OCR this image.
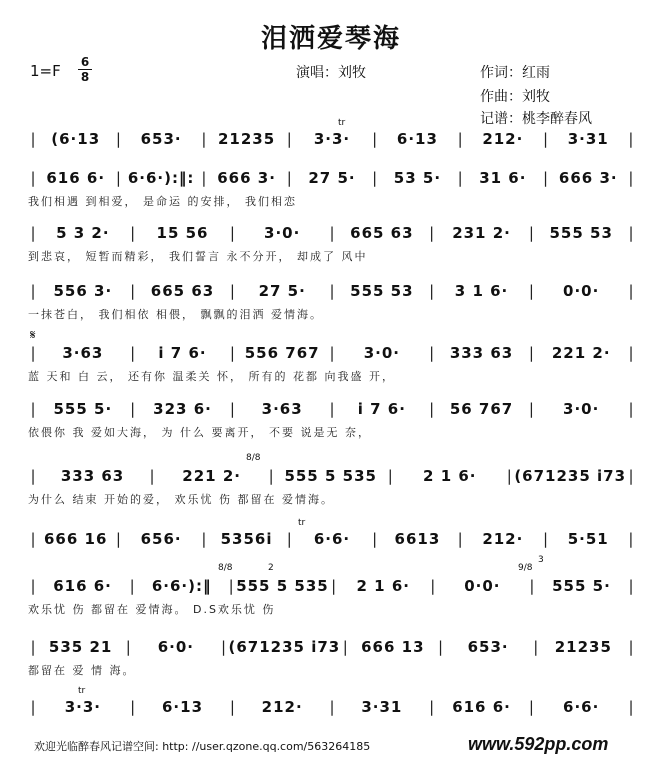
泪洒爱琴海
1=F 6
8	演唱：刘牧	作词：红雨
作曲：刘牧
记谱：桃李醉春风
|	(6·13	|	653·	| 21235 |	3·3·	|	6·13	|	212·	|	3·31	|
tr
| 616 6· | 6·6·):‖: | 666 3· |	27 5·	|	53 5·	|	31 6·	| 666 3· |
我们相遇 到相爱， 是命运 的安排， 我们相恋
|	5 3 2·	|	15 56	|	3·0·	|	665 63	|	231 2·	|	555 53	|
到悲哀， 短暂而精彩， 我们誓言 永不分开， 却成了 风中
|	556 3·	|	665 63	|	27 5·	|	555 53	|	3 1 6·	|	0·0·	|
一抹苍白， 我们相依 相偎， 飘飘的泪洒 爱情海。
|	3·63	|	i 7 6·	| 556 767 |	3·0·	|	333 63	|	221 2·	|
蓝 天和 白 云， 还有你 温柔关 怀， 所有的 花都 向我盛 开，
𝄋
|	555 5·	|	323 6·	|	3·63	|	i 7 6·	|	56 767	|	3·0·	|
依偎你 我 爱如大海， 为 什么 要离开， 不要 说是无 奈，
|	333 63	|	221 2·	| 555 5 535 |	2 1 6·	| (671235 i73 |
为什么 结束 开始的爱， 欢乐忧 伤 都留在 爱情海。
8/8
| 666 16 |	656·	| 5356i |	6·6·	|	6613	|	212·	|	5·51	|
tr
|	616 6·	|	6·6·):‖	| 555 5 535 |	2 1 6·	|	0·0·	|	555 5·	|
欢乐忧 伤 都留在 爱情海。 D.S欢乐忧 伤
8/8	2	9/8
3
| 535 21 |	6·0·	| (671235 i73 | 666 13 |	653·	|	21235	|
都留在 爱 情 海。
|	3·3·	|	6·13	|	212·	|	3·31	|	616 6·	|	6·6·	|
tr
欢迎光临醉春风记谱空间: http: //user.qzone.qq.com/563264185	www.592pp.com
